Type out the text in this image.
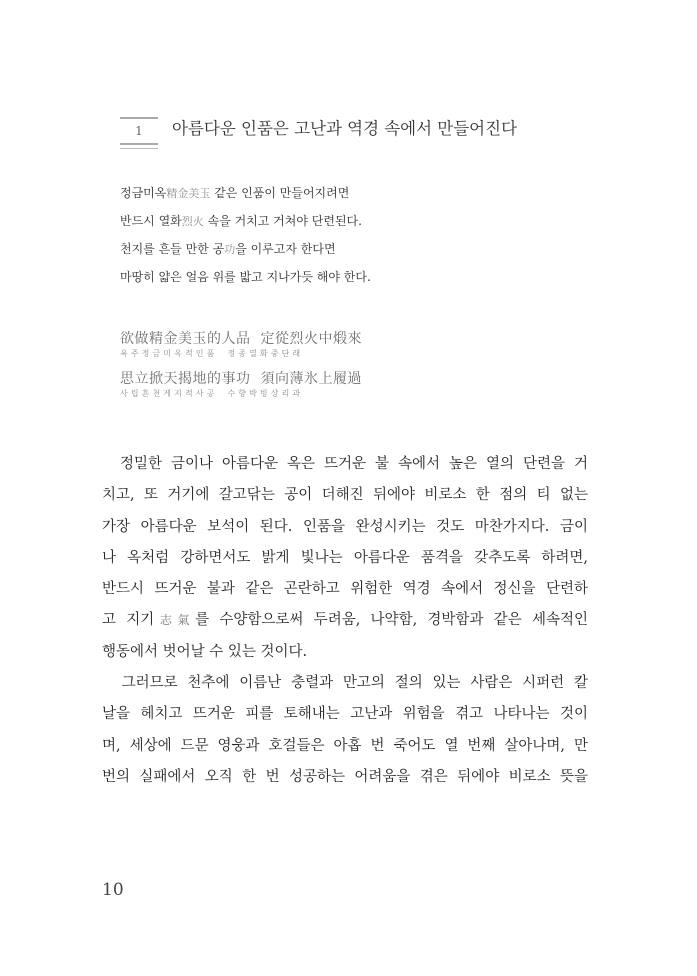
1	아름다운 인품은 고난과 역경 속에서 만들어진다
정금미옥精金美玉 같은 인품이 만들어지려면
반드시 열화烈火 속을 거치고 거쳐야 단련된다.
천지를 흔들 만한 공功을 이루고자 한다면
마땅히 얇은 얼음 위를 밟고 지나가듯 해야 한다.
欲做精金美玉的人品 定從烈火中煅來
욕주정금미옥적인품 정종열화중단래
思立掀天揭地的事功 須向薄氷上履過
사립흔천게지적사공 수향박빙상리과
정밀한 금이나 아름다운 옥은 뜨거운 불 속에서 높은 열의 단련을 거
치고, 또 거기에 갈고닦는 공이 더해진 뒤에야 비로소 한 점의 티 없는
가장 아름다운 보석이 된다. 인품을 완성시키는 것도 마찬가지다. 금이
나 옥처럼 강하면서도 밝게 빛나는 아름다운 품격을 갖추도록 하려면,
반드시 뜨거운 불과 같은 곤란하고 위험한 역경 속에서 정신을 단련하
고 지기志氣를 수양함으로써 두려움, 나약함, 경박함과 같은 세속적인
행동에서 벗어날 수 있는 것이다.
그러므로 천추에 이름난 충렬과 만고의 절의 있는 사람은 시퍼런 칼
날을 헤치고 뜨거운 피를 토해내는 고난과 위험을 겪고 나타나는 것이
며, 세상에 드문 영웅과 호걸들은 아홉 번 죽어도 열 번째 살아나며, 만
번의 실패에서 오직 한 번 성공하는 어려움을 겪은 뒤에야 비로소 뜻을
10
